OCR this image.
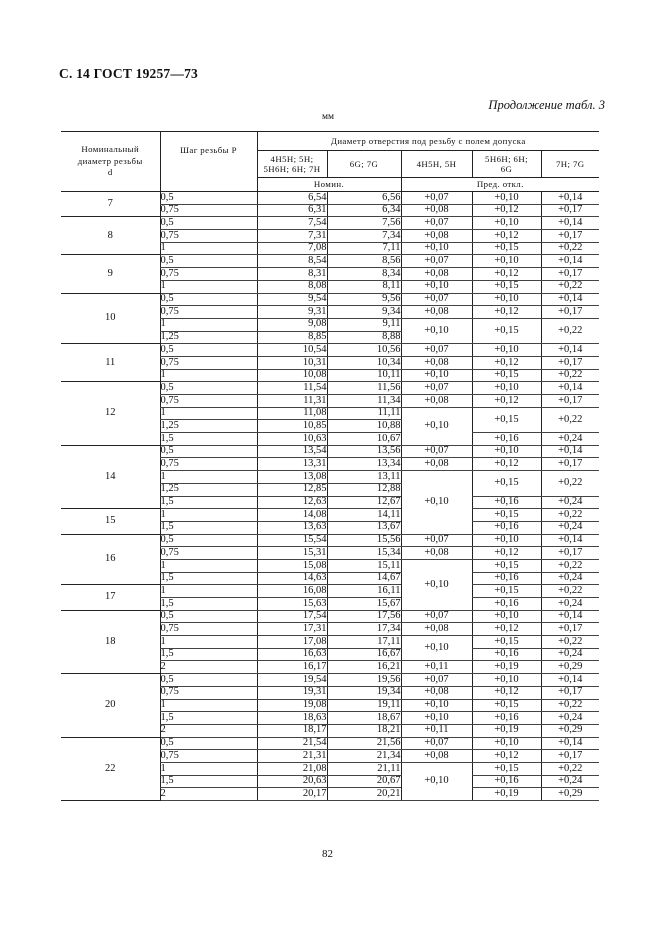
С. 14 ГОСТ 19257—73
Продолжение табл. 3
мм
Номинальный диаметр резьбы d	Шаг резьбы P	Диаметр отверстия под резьбу с полем допуска				
		4H5H; 5H; 5H6H; 6H; 7H	6G; 7G	4H5H, 5H	5H6H; 6H; 6G	7H; 7G
		Номин.		Пред. откл.		
7	0,5	6,54	6,56	+0,07	+0,10	+0,14
	0,75	6,31	6,34	+0,08	+0,12	+0,17
8	0,5	7,54	7,56	+0,07	+0,10	+0,14
	0,75	7,31	7,34	+0,08	+0,12	+0,17
	1	7,08	7,11	+0,10	+0,15	+0,22
9	0,5	8,54	8,56	+0,07	+0,10	+0,14
	0,75	8,31	8,34	+0,08	+0,12	+0,17
	1	8,08	8,11	+0,10	+0,15	+0,22
10	0,5	9,54	9,56	+0,07	+0,10	+0,14
	0,75	9,31	9,34	+0,08	+0,12	+0,17
	1	9,08	9,11	+0,10	+0,15	+0,22
	1,25	8,85	8,88			
11	0,5	10,54	10,56	+0,07	+0,10	+0,14
	0,75	10,31	10,34	+0,08	+0,12	+0,17
	1	10,08	10,11	+0,10	+0,15	+0,22
12	0,5	11,54	11,56	+0,07	+0,10	+0,14
	0,75	11,31	11,34	+0,08	+0,12	+0,17
	1	11,08	11,11	+0,10	+0,15	+0,22
	1,25	10,85	10,88			
	1,5	10,63	10,67		+0,16	+0,24
14	0,5	13,54	13,56	+0,07	+0,10	+0,14
	0,75	13,31	13,34	+0,08	+0,12	+0,17
	1	13,08	13,11	+0,10	+0,15	+0,22
	1,25	12,85	12,88			
	1,5	12,63	12,67		+0,16	+0,24
15	1	14,08	14,11		+0,15	+0,22
	1,5	13,63	13,67		+0,16	+0,24
16	0,5	15,54	15,56	+0,07	+0,10	+0,14
	0,75	15,31	15,34	+0,08	+0,12	+0,17
	1	15,08	15,11	+0,10	+0,15	+0,22
	1,5	14,63	14,67		+0,16	+0,24
17	1	16,08	16,11		+0,15	+0,22
	1,5	15,63	15,67		+0,16	+0,24
18	0,5	17,54	17,56	+0,07	+0,10	+0,14
	0,75	17,31	17,34	+0,08	+0,12	+0,17
	1	17,08	17,11	+0,10	+0,15	+0,22
	1,5	16,63	16,67		+0,16	+0,24
	2	16,17	16,21	+0,11	+0,19	+0,29
20	0,5	19,54	19,56	+0,07	+0,10	+0,14
	0,75	19,31	19,34	+0,08	+0,12	+0,17
	1	19,08	19,11	+0,10	+0,15	+0,22
	1,5	18,63	18,67	+0,10	+0,16	+0,24
	2	18,17	18,21	+0,11	+0,19	+0,29
22	0,5	21,54	21,56	+0,07	+0,10	+0,14
	0,75	21,31	21,34	+0,08	+0,12	+0,17
	1	21,08	21,11	+0,10	+0,15	+0,22
	1,5	20,63	20,67		+0,16	+0,24
	2	20,17	20,21		+0,19	+0,29
82
